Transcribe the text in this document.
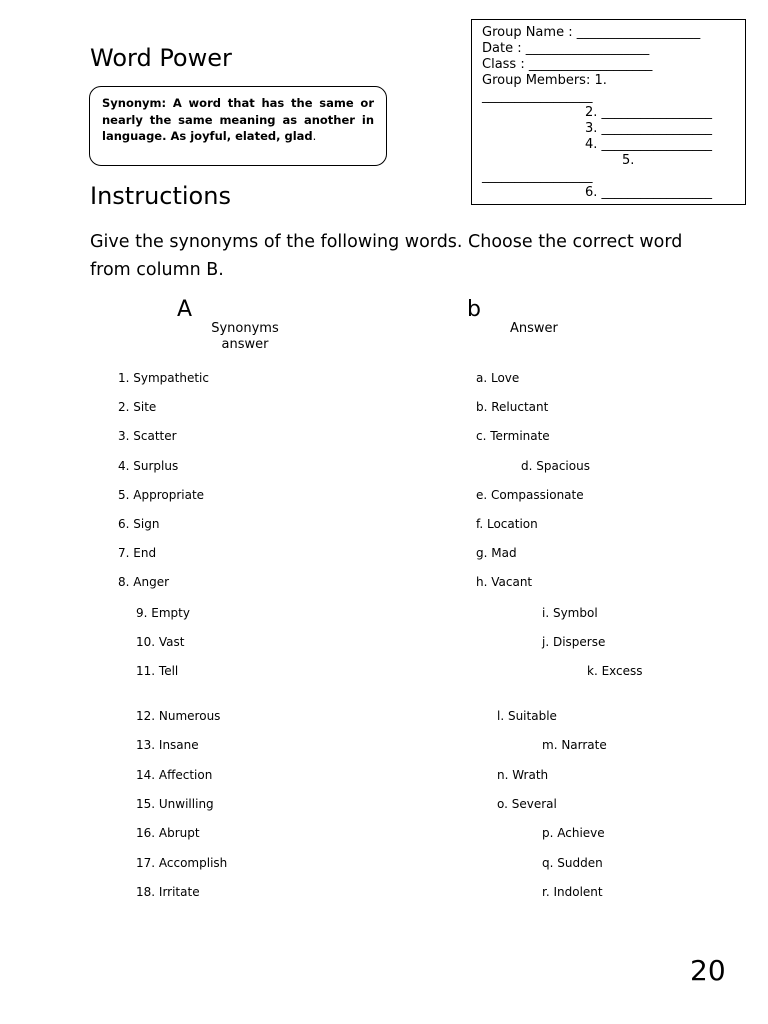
Word Power
Group Name : ___________________
Date : ___________________
Class : ___________________
Group Members: 1.
_________________
2. _________________
3. _________________
4. _________________
5.
_________________
6. _________________
Synonym: A word that has the same or nearly the same meaning as another in language. As joyful, elated, glad.
Instructions
Give the synonyms of the following words. Choose the correct word from column B.
A
Synonyms answer
b
Answer
1. Sympathetic
2. Site
3. Scatter
4. Surplus
5. Appropriate
6. Sign
7. End
8. Anger
9. Empty
10. Vast
11. Tell
12. Numerous
13. Insane
14. Affection
15. Unwilling
16. Abrupt
17. Accomplish
18. Irritate
a. Love
b. Reluctant
c. Terminate
d. Spacious
e. Compassionate
f. Location
g. Mad
h. Vacant
i. Symbol
j. Disperse
k. Excess
l. Suitable
m. Narrate
n. Wrath
o. Several
p. Achieve
q. Sudden
r. Indolent
20
